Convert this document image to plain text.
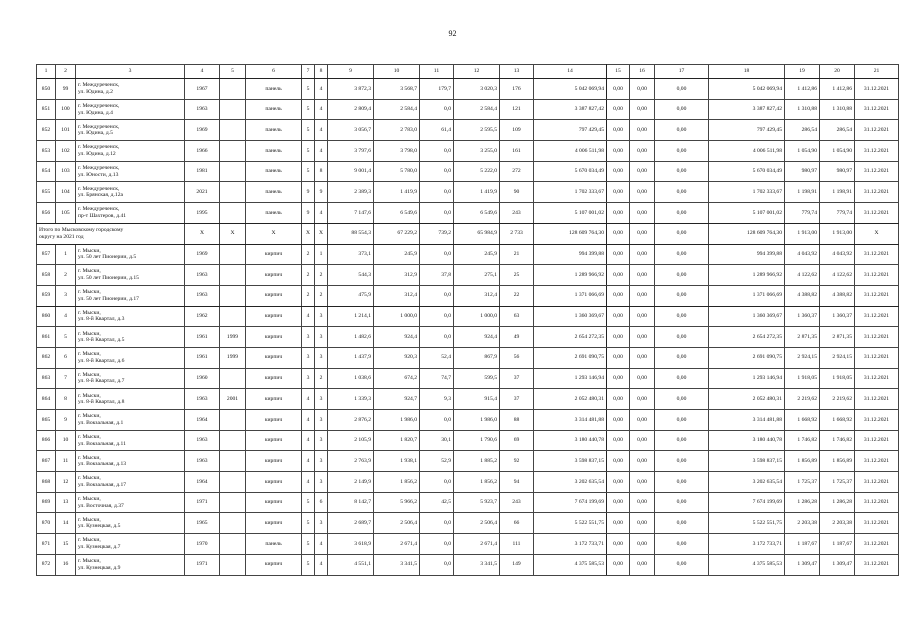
92
1	2	3	4	5	6	7	8	9	10	11	12	13	14	15	16	17	18	19	20	21
850	99	г. Междуреченск,
ул. Юдина, д.2	1967		панель	5	4	3 872,3	3 568,7	179,7	3 020,3	176	5 042 069,94	0,00	0,00	0,00	5 042 069,94	1 412,86	1 412,86	31.12.2021
851	100	г. Междуреченск,
ул. Юдина, д.4	1963		панель	5	4	2 809,4	2 584,4	0,0	2 584,4	121	3 387 827,42	0,00	0,00	0,00	3 387 827,42	1 310,88	1 310,88	31.12.2021
852	101	г. Междуреченск,
ул. Юдина, д.5	1969		панель	5	4	3 056,7	2 783,0	61,4	2 595,5	109	797 429,45	0,00	0,00	0,00	797 429,45	286,54	286,54	31.12.2021
853	102	г. Междуреченск,
ул. Юдина, д.12	1966		панель	5	4	3 797,6	3 798,0	0,0	3 255,0	161	4 006 511,98	0,00	0,00	0,00	4 006 511,98	1 054,90	1 054,90	31.12.2021
854	103	г. Междуреченск,
ул. Юности, д.13	1981		панель	5	8	9 001,4	5 780,0	0,0	5 222,0	272	5 670 034,49	0,00	0,00	0,00	5 670 034,49	980,97	980,97	31.12.2021
855	104	г. Междуреченск,
ул. Брянская, д.12а	2021		панель	9	9	2 389,3	1 419,9	0,0	1 419,9	90	1 702 333,67	0,00	0,00	0,00	1 702 333,67	1 198,91	1 198,91	31.12.2021
856	105	г. Междуреченск,
пр-т Шахтеров, д.41	1995		панель	9	4	7 147,6	6 549,6	0,0	6 549,6	243	5 107 001,02	0,00	0,00	0,00	5 107 001,02	779,74	779,74	31.12.2021
Итого по Мысковскому городскому
округу на 2021 год			X	X	X	X	X	88 554,3	67 229,2	739,2	65 984,9	2 733	128 609 764,30	0,00	0,00	0,00	128 609 764,30	1 913,00	1 913,00	X
857	1	г. Мыски,
ул. 50 лет Пионерии, д.5	1969		кирпич	2	1	373,1	245,9	0,0	245,9	21	994 399,88	0,00	0,00	0,00	994 399,88	4 043,92	4 043,92	31.12.2021
858	2	г. Мыски,
ул. 50 лет Пионерии, д.15	1963		кирпич	2	2	544,3	312,9	37,8	275,1	25	1 289 966,92	0,00	0,00	0,00	1 289 966,92	4 122,62	4 122,62	31.12.2021
859	3	г. Мыски,
ул. 50 лет Пионерии, д.17	1963		кирпич	2	2	475,9	312,4	0,0	312,4	22	1 371 066,69	0,00	0,00	0,00	1 371 066,69	4 388,82	4 388,82	31.12.2021
860	4	г. Мыски,
ул. 8-й Квартал, д.3	1962		кирпич	4	3	1 214,1	1 000,0	0,0	1 000,0	63	1 360 369,67	0,00	0,00	0,00	1 360 369,67	1 360,37	1 360,37	31.12.2021
861	5	г. Мыски,
ул. 8-й Квартал, д.5	1961	1999	кирпич	3	3	1 482,6	924,4	0,0	924,4	49	2 654 272,35	0,00	0,00	0,00	2 654 272,35	2 871,35	2 871,35	31.12.2021
862	6	г. Мыски,
ул. 8-й Квартал, д.6	1961	1999	кирпич	3	3	1 437,9	920,3	52,4	867,9	56	2 691 090,75	0,00	0,00	0,00	2 691 090,75	2 924,15	2 924,15	31.12.2021
863	7	г. Мыски,
ул. 8-й Квартал, д.7	1960		кирпич	3	2	1 038,6	674,2	74,7	599,5	37	1 293 146,94	0,00	0,00	0,00	1 293 146,94	1 918,05	1 918,05	31.12.2021
864	8	г. Мыски,
ул. 8-й Квартал, д.8	1963	2001	кирпич	4	3	1 339,3	924,7	9,3	915,4	37	2 052 480,31	0,00	0,00	0,00	2 052 480,31	2 219,62	2 219,62	31.12.2021
865	9	г. Мыски,
ул. Вокзальная, д.1	1964		кирпич	4	3	2 876,2	1 986,0	0,0	1 986,0	88	3 314 481,88	0,00	0,00	0,00	3 314 481,88	1 668,92	1 668,92	31.12.2021
866	10	г. Мыски,
ул. Вокзальная, д.11	1963		кирпич	4	3	2 105,9	1 820,7	30,1	1 790,6	69	3 180 440,78	0,00	0,00	0,00	3 180 440,78	1 746,82	1 746,82	31.12.2021
867	11	г. Мыски,
ул. Вокзальная, д.13	1963		кирпич	4	3	2 763,9	1 938,1	52,9	1 885,2	92	3 598 837,15	0,00	0,00	0,00	3 598 837,15	1 856,89	1 856,89	31.12.2021
868	12	г. Мыски,
ул. Вокзальная, д.17	1964		кирпич	4	3	2 149,9	1 856,2	0,0	1 856,2	94	3 202 635,54	0,00	0,00	0,00	3 202 635,54	1 725,37	1 725,37	31.12.2021
869	13	г. Мыски,
ул. Восточная, д.37	1971		кирпич	5	6	8 142,7	5 966,2	42,5	5 923,7	243	7 674 199,69	0,00	0,00	0,00	7 674 199,69	1 286,28	1 286,28	31.12.2021
870	14	г. Мыски,
ул. Кузнецкая, д.5	1965		кирпич	5	3	2 689,7	2 506,4	0,0	2 506,4	66	5 522 551,75	0,00	0,00	0,00	5 522 551,75	2 203,38	2 203,38	31.12.2021
871	15	г. Мыски,
ул. Кузнецкая, д.7	1970		панель	5	4	3 618,9	2 671,4	0,0	2 671,4	111	3 172 733,71	0,00	0,00	0,00	3 172 733,71	1 187,67	1 187,67	31.12.2021
872	16	г. Мыски,
ул. Кузнецкая, д.9	1971		кирпич	5	4	4 551,1	3 341,5	0,0	3 341,5	149	4 375 585,53	0,00	0,00	0,00	4 375 585,53	1 309,47	1 309,47	31.12.2021
